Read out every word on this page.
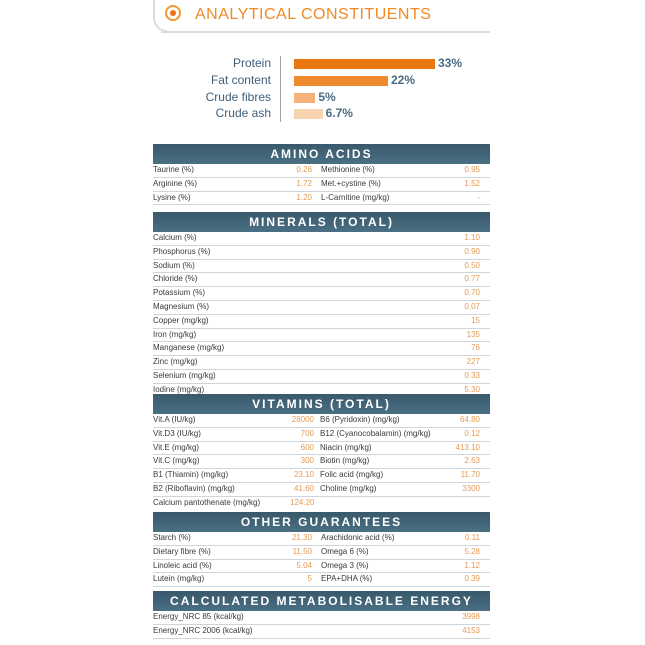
ANALYTICAL CONSTITUENTS
Protein	33%
Fat content	22%
Crude fibres	5%
Crude ash	6.7%
AMINO ACIDS
Taurine (%)	0.26 Methionine (%)	0.95
Arginine (%)	1.72 Met.+cystine (%)	1.52
Lysine (%)	1.20 L-Carnitine (mg/kg)	-
MINERALS (TOTAL)
Calcium (%)	1.10
Phosphorus (%)	0.90
Sodium (%)	0.50
Chloride (%)	0.77
Potassium (%)	0.70
Magnesium (%)	0.07
Copper (mg/kg)	15
Iron (mg/kg)	135
Manganese (mg/kg)	76
Zinc (mg/kg)	227
Selenium (mg/kg)	0.33
Iodine (mg/kg)	5.30
VITAMINS (TOTAL)
Vit.A (IU/kg)	28000 B6 (Pyridoxin) (mg/kg)	64.80
Vit.D3 (IU/kg)	700 B12 (Cyanocobalamin) (mg/kg)	0.12
Vit.E (mg/kg)	600 Niacin (mg/kg)	413.10
Vit.C (mg/kg)	300 Biotin (mg/kg)	2.63
B1 (Thiamin) (mg/kg)	23.10 Folic acid (mg/kg)	11.70
B2 (Riboflavin) (mg/kg)	41.60 Choline (mg/kg)	3300
Calcium pantothenate (mg/kg)	124.20
OTHER GUARANTEES
Starch (%)	21.30 Arachidonic acid (%)	0.11
Dietary fibre (%)	11.50 Omega 6 (%)	5.28
Linoleic acid (%)	5.04 Omega 3 (%)	1.12
Lutein (mg/kg)	5 EPA+DHA (%)	0.39
CALCULATED METABOLISABLE ENERGY
Energy_NRC 85 (kcal/kg)	3998
Energy_NRC 2006 (kcal/kg)	4153
